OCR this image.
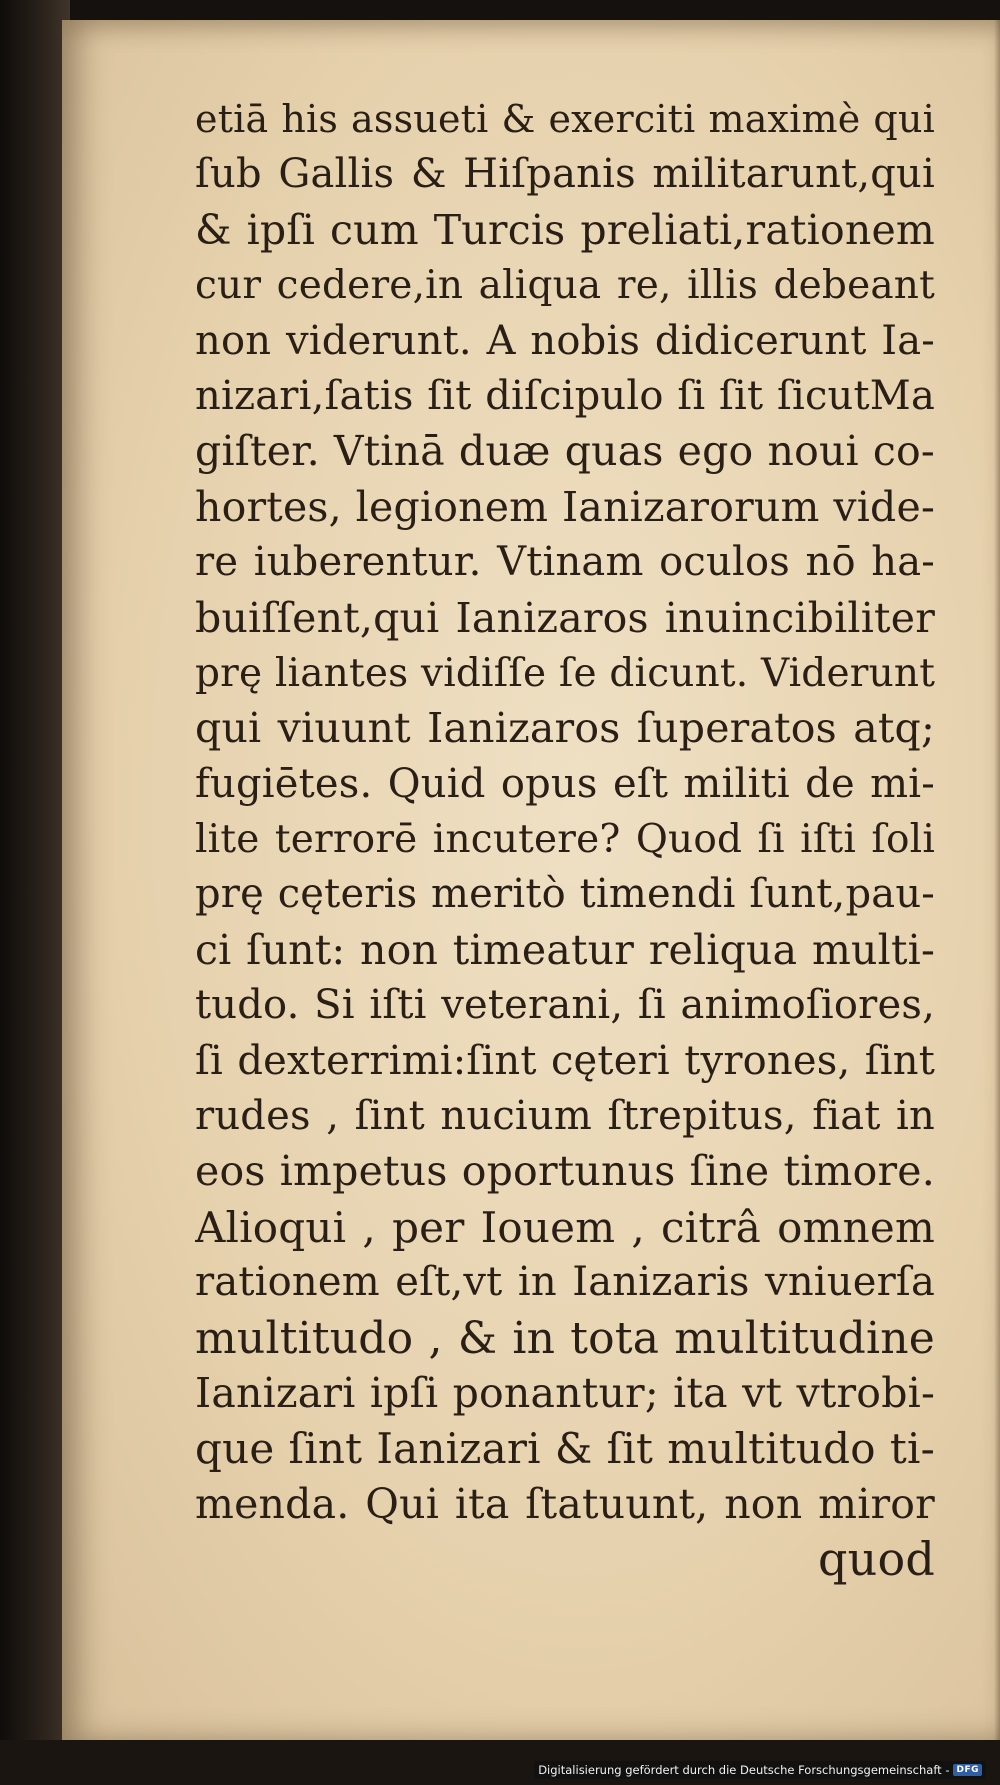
etiā his assueti & exerciti maximè qui
ſub Gallis & Hiſpanis militarunt,qui
& ipſi cum Turcis preliati,rationem
cur cedere,in aliqua re, illis debeant
non viderunt. A nobis didicerunt Ia-
nizari,ſatis ſit diſcipulo ſi ſit ſicutMa
giſter. Vtinā duæ quas ego noui co-
hortes, legionem Ianizarorum vide-
re iuberentur. Vtinam oculos nō ha-
buiſſent,qui Ianizaros inuincibiliter
prę liantes vidiſſe ſe dicunt. Viderunt
qui viuunt Ianizaros ſuperatos atq;
fugiētes. Quid opus eſt militi de mi-
lite terrorē incutere? Quod ſi iſti ſoli
prę cęteris meritò timendi ſunt,pau-
ci ſunt: non timeatur reliqua multi-
tudo. Si iſti veterani, ſi animoſiores,
ſi dexterrimi:ſint cęteri tyrones, ſint
rudes , ſint nucium ſtrepitus, fiat in
eos impetus oportunus ſine timore.
Alioqui , per Iouem , citrâ omnem
rationem eſt,vt in Ianizaris vniuerſa
multitudo , & in tota multitudine
Ianizari ipſi ponantur; ita vt vtrobi-
que ſint Ianizari & ſit multitudo ti-
menda. Qui ita ſtatuunt, non miror
quod
Digitalisierung gefördert durch die Deutsche Forschungsgemeinschaft - DFG
